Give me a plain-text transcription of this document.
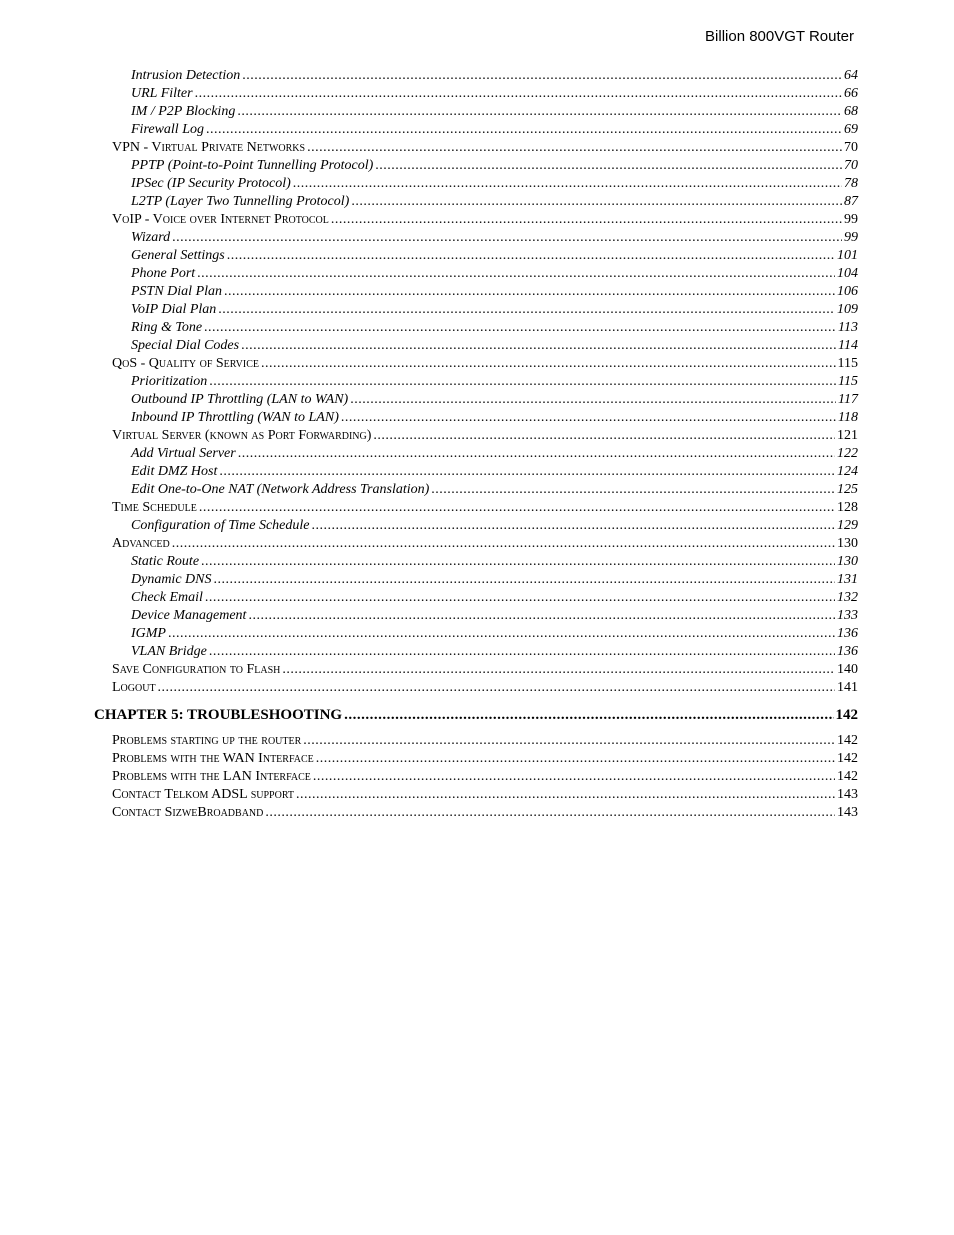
Billion 800VGT Router
Intrusion Detection .....	64
URL Filter .....	66
IM / P2P Blocking .....	68
Firewall Log .....	69
VPN - Virtual Private Networks .....	70
PPTP (Point-to-Point Tunnelling Protocol) .....	70
IPSec (IP Security Protocol) .....	78
L2TP (Layer Two Tunnelling Protocol) .....	87
VoIP - Voice over Internet Protocol .....	99
Wizard .....	99
General Settings .....	101
Phone Port .....	104
PSTN Dial Plan .....	106
VoIP Dial Plan .....	109
Ring & Tone .....	113
Special Dial Codes .....	114
QoS - Quality of Service .....	115
Prioritization .....	115
Outbound IP Throttling (LAN to WAN) .....	117
Inbound IP Throttling (WAN to LAN) .....	118
Virtual Server (known as Port Forwarding) .....	121
Add Virtual Server .....	122
Edit DMZ Host .....	124
Edit One-to-One NAT (Network Address Translation) .....	125
Time Schedule .....	128
Configuration of Time Schedule .....	129
Advanced .....	130
Static Route .....	130
Dynamic DNS .....	131
Check Email .....	132
Device Management .....	133
IGMP .....	136
VLAN Bridge .....	136
Save Configuration to Flash .....	140
Logout .....	141
CHAPTER 5: TROUBLESHOOTING .....	142
Problems starting up the router .....	142
Problems with the WAN Interface .....	142
Problems with the LAN Interface .....	142
Contact Telkom ADSL support .....	143
Contact SizweBroadband .....	143
